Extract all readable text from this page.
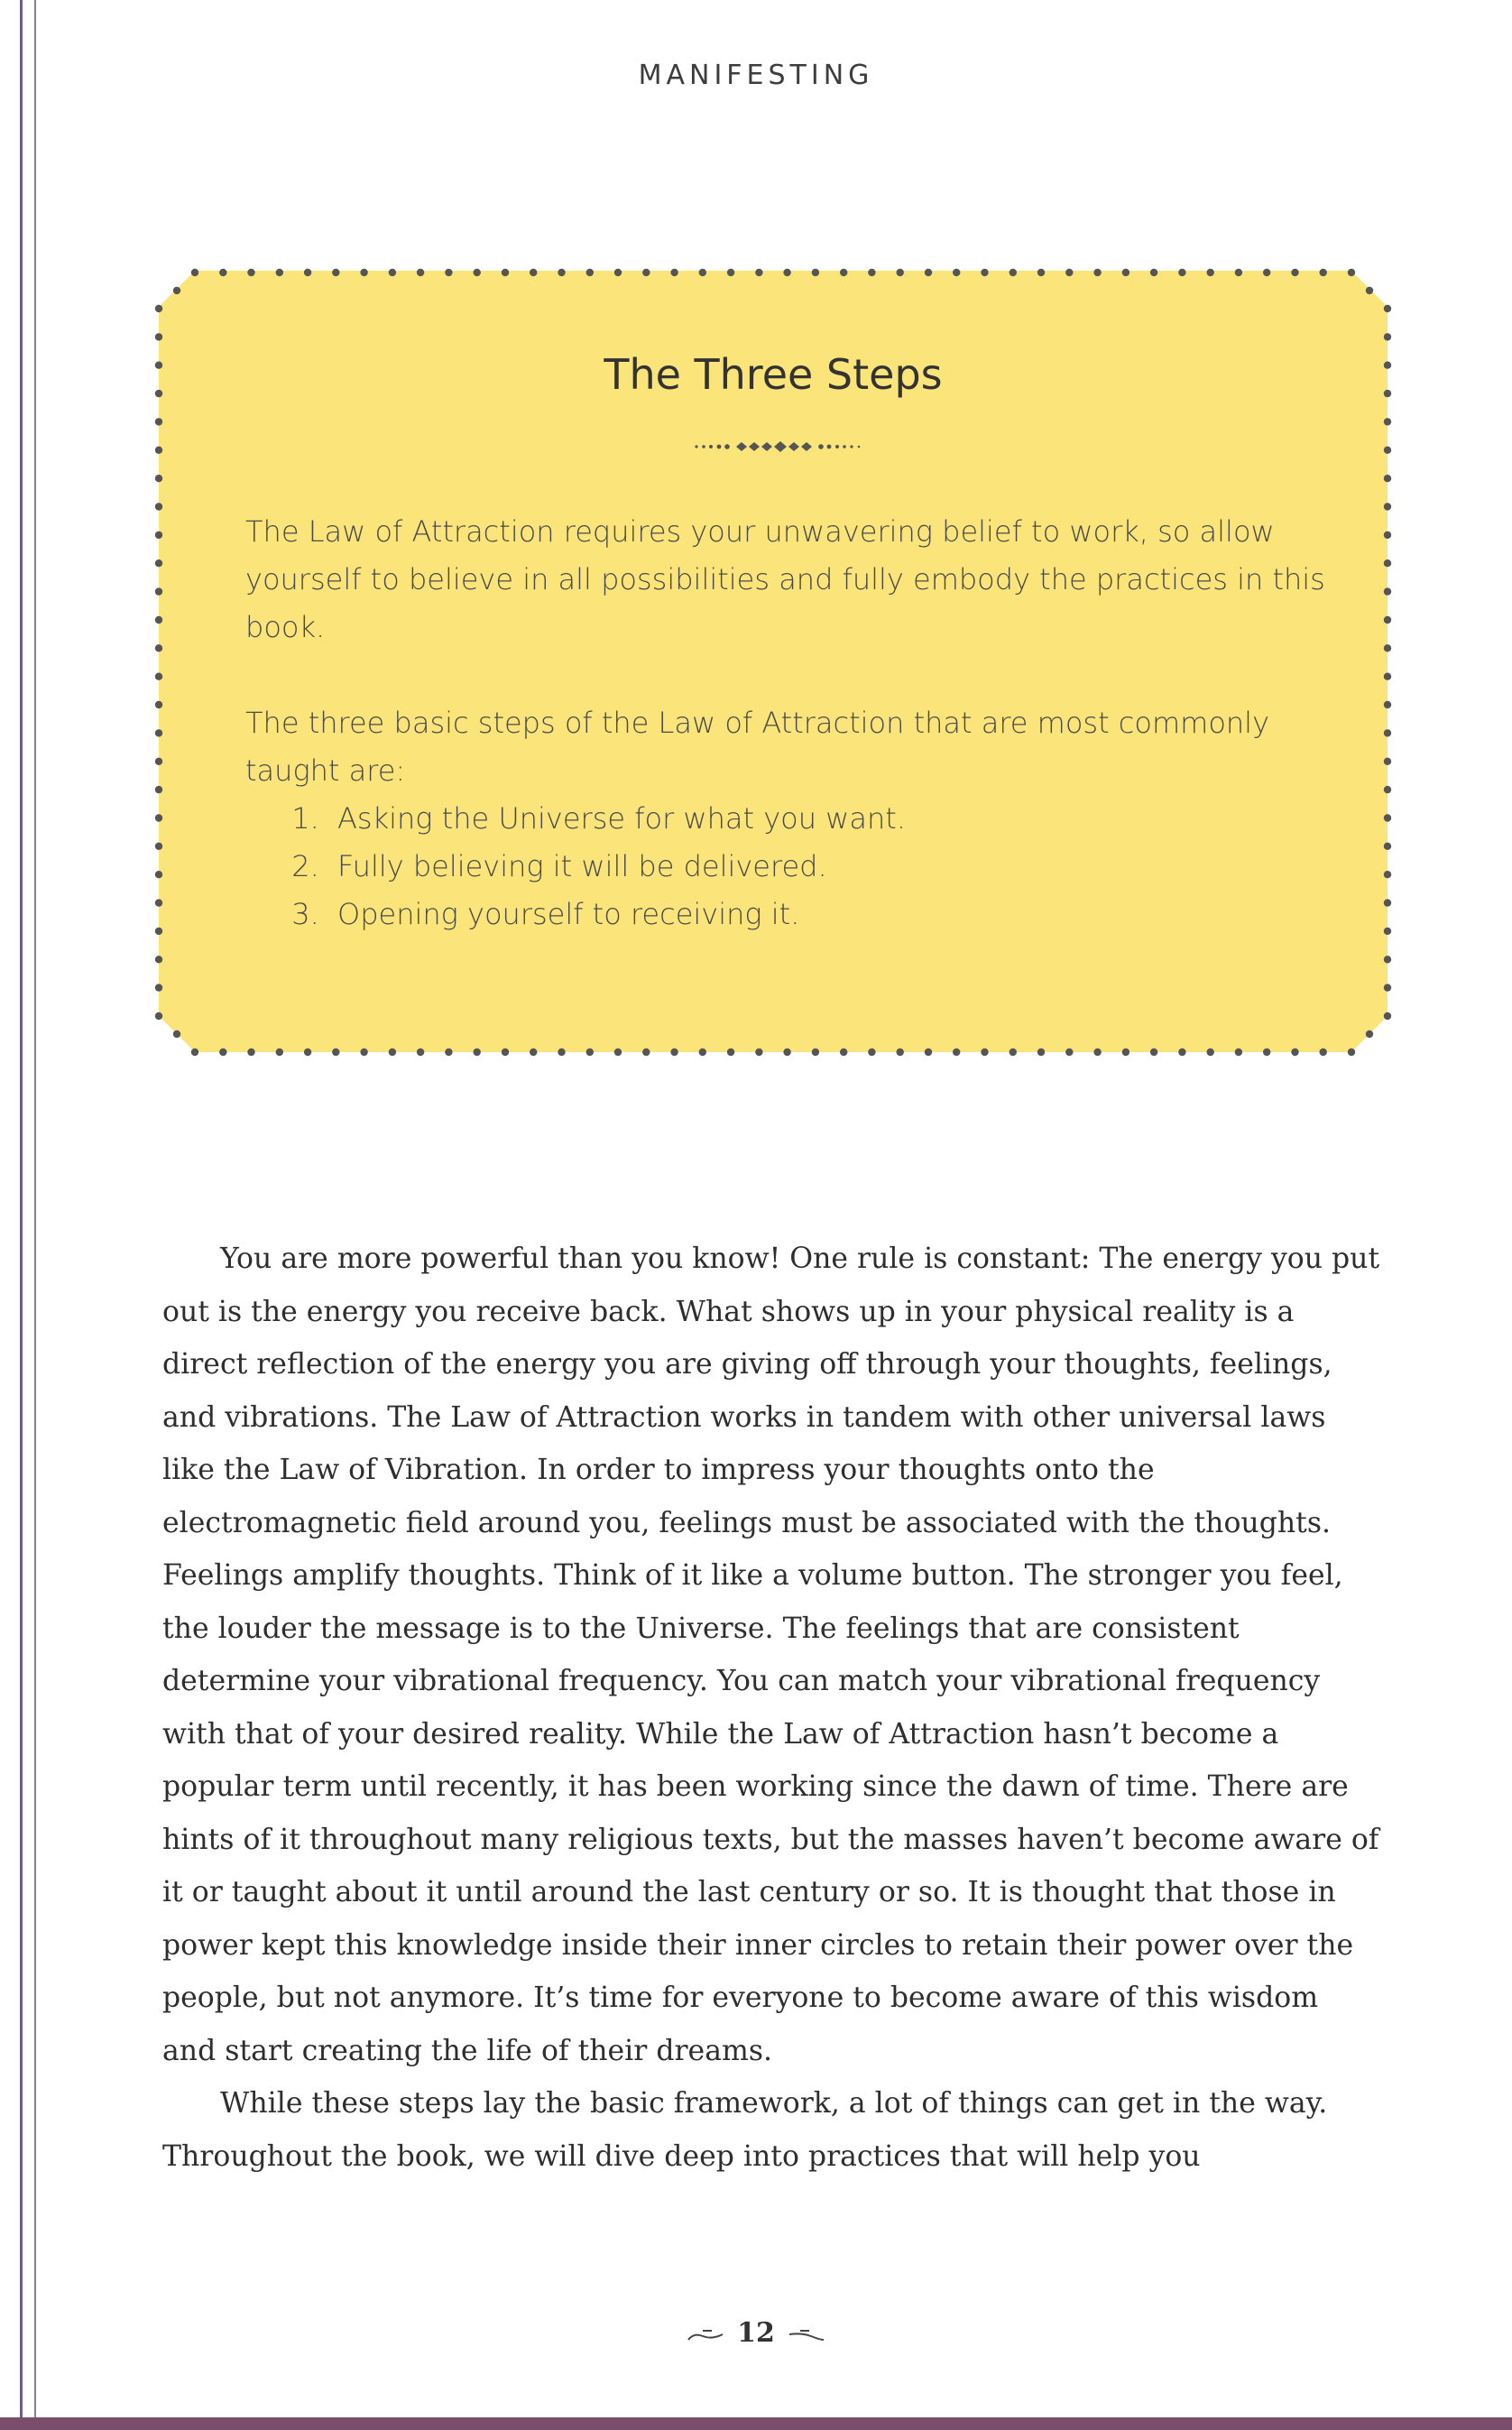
MANIFESTING
The Three Steps

The Law of Attraction requires your unwavering belief to work, so allow yourself to believe in all possibilities and fully embody the practices in this book.

The three basic steps of the Law of Attraction that are most commonly taught are:
1. Asking the Universe for what you want.
2. Fully believing it will be delivered.
3. Opening yourself to receiving it.

You are more powerful than you know! One rule is constant: The energy you put out is the energy you receive back. What shows up in your physical reality is a direct reflection of the energy you are giving off through your thoughts, feelings, and vibrations. The Law of Attraction works in tandem with other universal laws like the Law of Vibration. In order to impress your thoughts onto the electromagnetic field around you, feelings must be associated with the thoughts. Feelings amplify thoughts. Think of it like a volume button. The stronger you feel, the louder the message is to the Universe. The feelings that are consistent determine your vibrational frequency. You can match your vibrational frequency with that of your desired reality. While the Law of Attraction hasn’t become a popular term until recently, it has been working since the dawn of time. There are hints of it throughout many religious texts, but the masses haven’t become aware of it or taught about it until around the last century or so. It is thought that those in power kept this knowledge inside their inner circles to retain their power over the people, but not anymore. It’s time for everyone to become aware of this wisdom and start creating the life of their dreams.

While these steps lay the basic framework, a lot of things can get in the way. Throughout the book, we will dive deep into practices that will help you

12
